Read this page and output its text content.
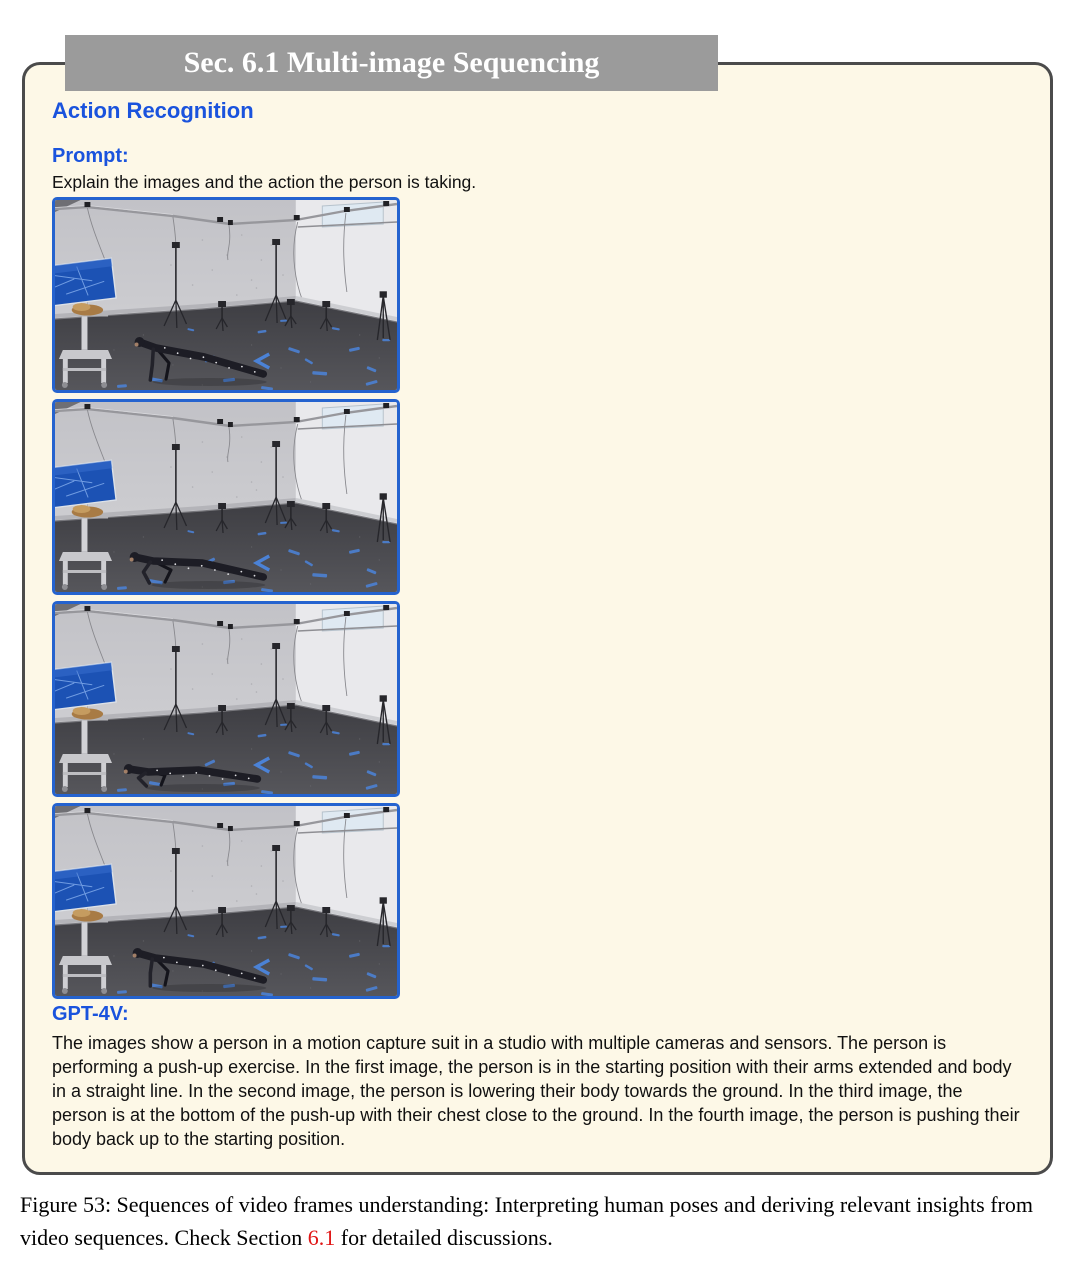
Sec. 6.1 Multi-image Sequencing
Action Recognition
Prompt:
Explain the images and the action the person is taking.
GPT-4V:
The images show a person in a motion capture suit in a studio with multiple cameras and sensors. The person is performing a push-up exercise. In the first image, the person is in the starting position with their arms extended and body in a straight line. In the second image, the person is lowering their body towards the ground. In the third image, the person is at the bottom of the push-up with their chest close to the ground. In the fourth image, the person is pushing their body back up to the starting position.
Figure 53: Sequences of video frames understanding: Interpreting human poses and deriving relevant insights from video sequences. Check Section 6.1 for detailed discussions.
